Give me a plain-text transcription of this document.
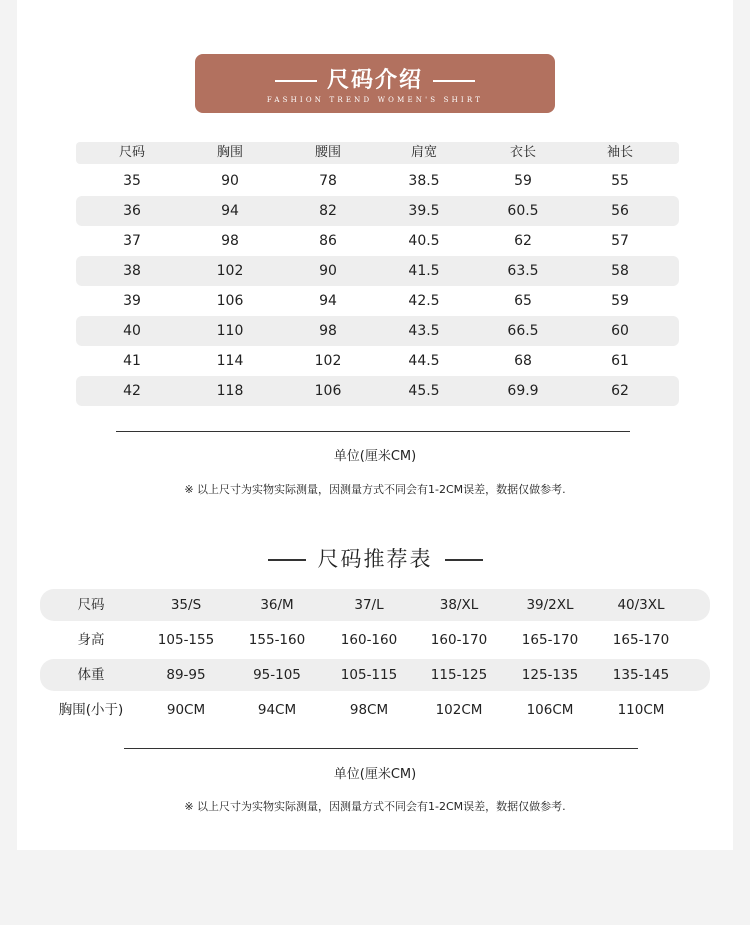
尺码介绍
FASHION TREND WOMEN'S SHIRT
尺码	胸围	腰围	肩宽	衣长	袖长
35	90	78	38.5	59	55
36	94	82	39.5	60.5	56
37	98	86	40.5	62	57
38	102	90	41.5	63.5	58
39	106	94	42.5	65	59
40	110	98	43.5	66.5	60
41	114	102	44.5	68	61
42	118	106	45.5	69.9	62
单位(厘米CM)
※ 以上尺寸为实物实际测量，因测量方式不同会有1-2CM误差，数据仅做参考.
尺码推荐表
尺码	35/S	36/M	37/L	38/XL	39/2XL	40/3XL
身高	105-155	155-160	160-160	160-170	165-170	165-170
体重	89-95	95-105	105-115	115-125	125-135	135-145
胸围(小于)	90CM	94CM	98CM	102CM	106CM	110CM
单位(厘米CM)
※ 以上尺寸为实物实际测量，因测量方式不同会有1-2CM误差，数据仅做参考.
